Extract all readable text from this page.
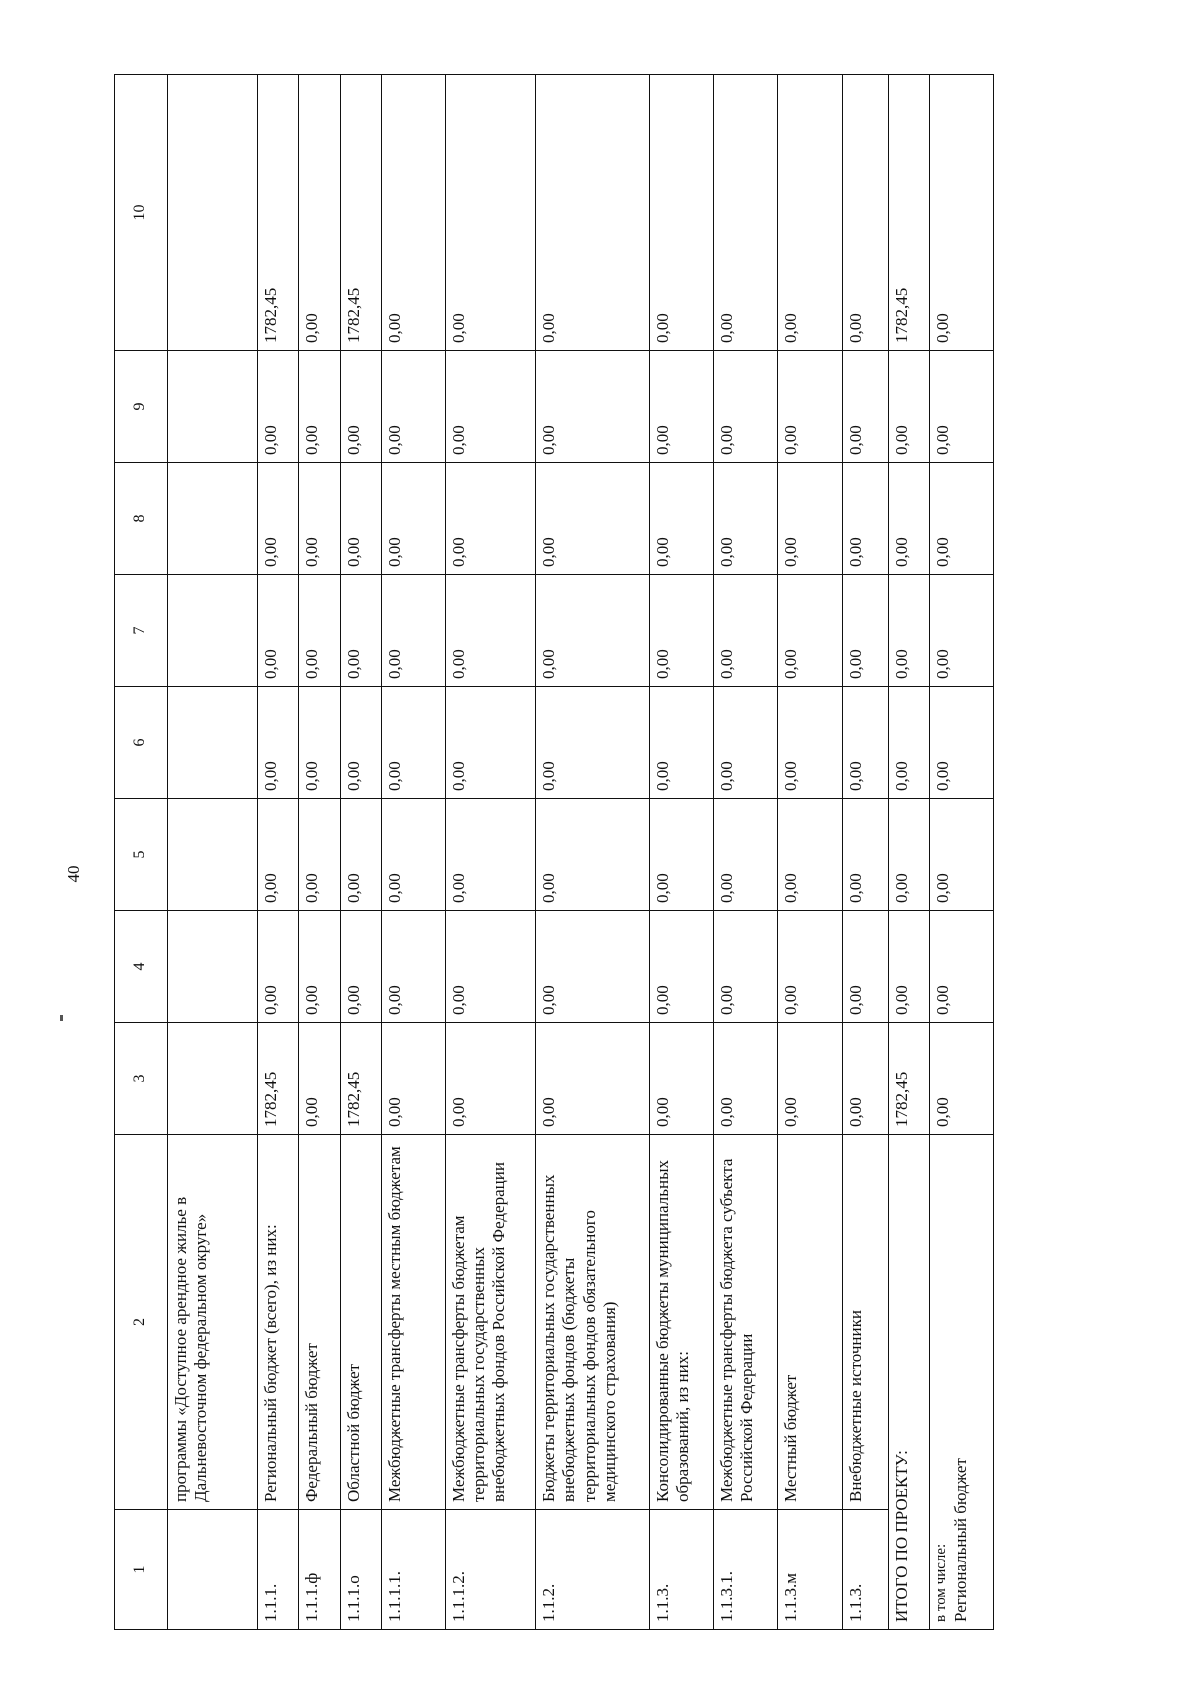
40
1	2	3	4	5	6	7	8	9	10
	программы «Доступное арендное жилье в Дальневосточном федеральном округе»								
1.1.1.	Региональный бюджет (всего), из них:	1782,45	0,00	0,00	0,00	0,00	0,00	0,00	1782,45
1.1.1.ф	Федеральный бюджет	0,00	0,00	0,00	0,00	0,00	0,00	0,00	0,00
1.1.1.о	Областной бюджет	1782,45	0,00	0,00	0,00	0,00	0,00	0,00	1782,45
1.1.1.1.	Межбюджетные трансферты местным бюджетам	0,00	0,00	0,00	0,00	0,00	0,00	0,00	0,00
1.1.1.2.	Межбюджетные трансферты бюджетам территориальных государственных внебюджетных фондов Российской Федерации	0,00	0,00	0,00	0,00	0,00	0,00	0,00	0,00
1.1.2.	Бюджеты территориальных государственных внебюджетных фондов (бюджеты территориальных фондов обязательного медицинского страхования)	0,00	0,00	0,00	0,00	0,00	0,00	0,00	0,00
1.1.3.	Консолидированные бюджеты муниципальных образований, из них:	0,00	0,00	0,00	0,00	0,00	0,00	0,00	0,00
1.1.3.1.	Межбюджетные трансферты бюджета субъекта Российской Федерации	0,00	0,00	0,00	0,00	0,00	0,00	0,00	0,00
1.1.3.м	Местный бюджет	0,00	0,00	0,00	0,00	0,00	0,00	0,00	0,00
1.1.3.	Внебюджетные источники	0,00	0,00	0,00	0,00	0,00	0,00	0,00	0,00
ИТОГО ПО ПРОЕКТУ:		1782,45	0,00	0,00	0,00	0,00	0,00	0,00	1782,45

в том числе: Региональный бюджет		0,00	0,00	0,00	0,00	0,00	0,00	0,00	0,00
